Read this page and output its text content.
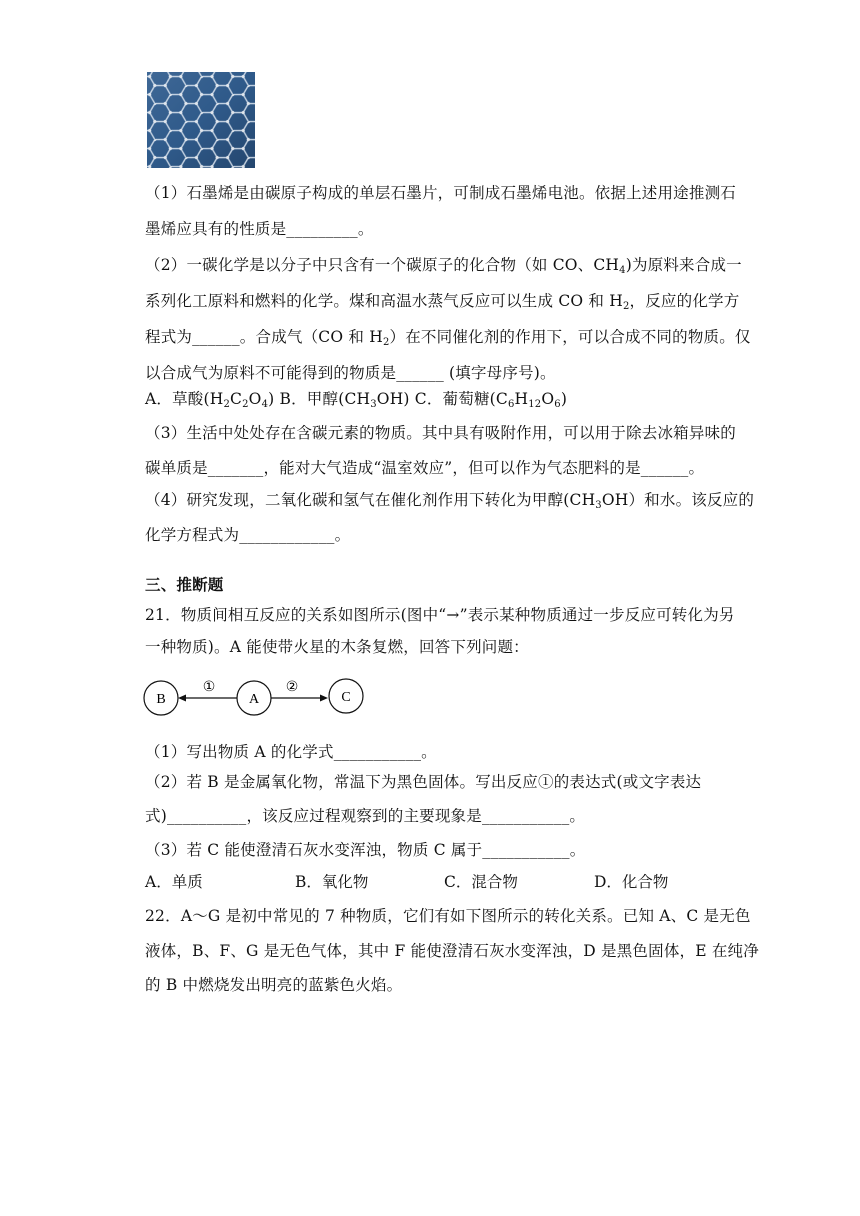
（1）石墨烯是由碳原子构成的单层石墨片，可制成石墨烯电池。依据上述用途推测石
墨烯应具有的性质是_________。
（2）一碳化学是以分子中只含有一个碳原子的化合物（如 CO、$CH_4$)为原料来合成一
系列化工原料和燃料的化学。煤和高温水蒸气反应可以生成 CO 和 $H_2$，反应的化学方
程式为______。合成气（CO 和 $H_2$）在不同催化剂的作用下，可以合成不同的物质。仅
以合成气为原料不可能得到的物质是______ (填字母序号)。
A．草酸$(H_2C_2O_4)$ B．甲醇$(CH_3OH)$ C．葡萄糖$(C_6H_{12}O_6)$
（3）生活中处处存在含碳元素的物质。其中具有吸附作用，可以用于除去冰箱异味的
碳单质是_______，能对大气造成“温室效应”，但可以作为气态肥料的是______。
（4）研究发现，二氧化碳和氢气在催化剂作用下转化为甲醇$(CH_3OH)$和水。该反应的
化学方程式为____________。
三、推断题
21．物质间相互反应的关系如图所示(图中“→”表示某种物质通过一步反应可转化为另
一种物质)。A 能使带火星的木条复燃，回答下列问题：
B	A	C
①	②
（1）写出物质 A 的化学式___________。
（2）若 B 是金属氧化物，常温下为黑色固体。写出反应①的表达式(或文字表达
式)__________，该反应过程观察到的主要现象是___________。
（3）若 C 能使澄清石灰水变浑浊，物质 C 属于___________。
A．单质	B．氧化物	C．混合物	D．化合物
22．A～G 是初中常见的 7 种物质，它们有如下图所示的转化关系。已知 A、C 是无色
液体，B、F、G 是无色气体，其中 F 能使澄清石灰水变浑浊，D 是黑色固体，E 在纯净
的 B 中燃烧发出明亮的蓝紫色火焰。
